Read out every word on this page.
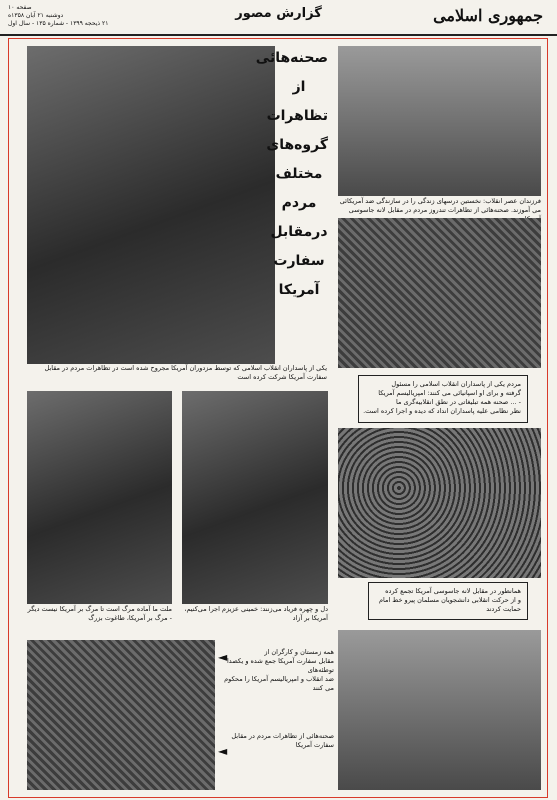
صفحه ۱۰
دوشنبه ۲۱ آبان ۱۳۵۸ه
۲۱ ذیحجه ۱۳۹۹ - شماره ۱۳۵ - سال اول
گزارش مصور	جمهوری اسلامی
یکی از پاسداران انقلاب اسلامی که توسط مزدوران آمریکا مجروح شده است در تظاهرات مردم در مقابل سفارت آمریکا شرکت کرده است
صحنه‌هائی
از
تظاهرات
گروه‌های
مختلف
مردم
درمقابل
سفارت
آمریکا
فرزندان عصر انقلاب: نخستین درسهای زندگی را در سازندگی ضد آمریکائی می آموزند. صحنه‌هائی از تظاهرات تندروز مردم در مقابل لانه جاسوسی
مردم یکی از پاسداران انقلاب اسلامی را مسئول
گرفته و برای او اسپانیائی می کنند: امپریالیسم آمریکا
- ... صحنه همه تبلیغاتی در نطق انقلابیه‌گری ما
نظر نظامی علیه پاسداران انداد که دیده و اجرا کرده است.
ملت ما آماده مرگ است تا مرگ بر آمریکا نیست دیگر - مرگ بر آمریکا، طاغوت بزرگ
دل و چهره فریاد می‌زنند: خمینی عزیزم اجرا می‌کنیم، آمریکا بر آزاد
همانطور در مقابل لانه جاسوسی آمریکا تجمع کرده
و از حرکت انقلابی دانشجویان مسلمان پیرو خط امام
حمایت کردند
همه زمستان و کارگران از
مقابل سفارت آمریکا جمع شده و یکصدا توطئه‌های
ضد انقلاب و امپریالیسم آمریکا را محکوم می کنند
◄
صحنه‌هائی از تظاهرات مردم در مقابل سفارت آمریکا
◄
